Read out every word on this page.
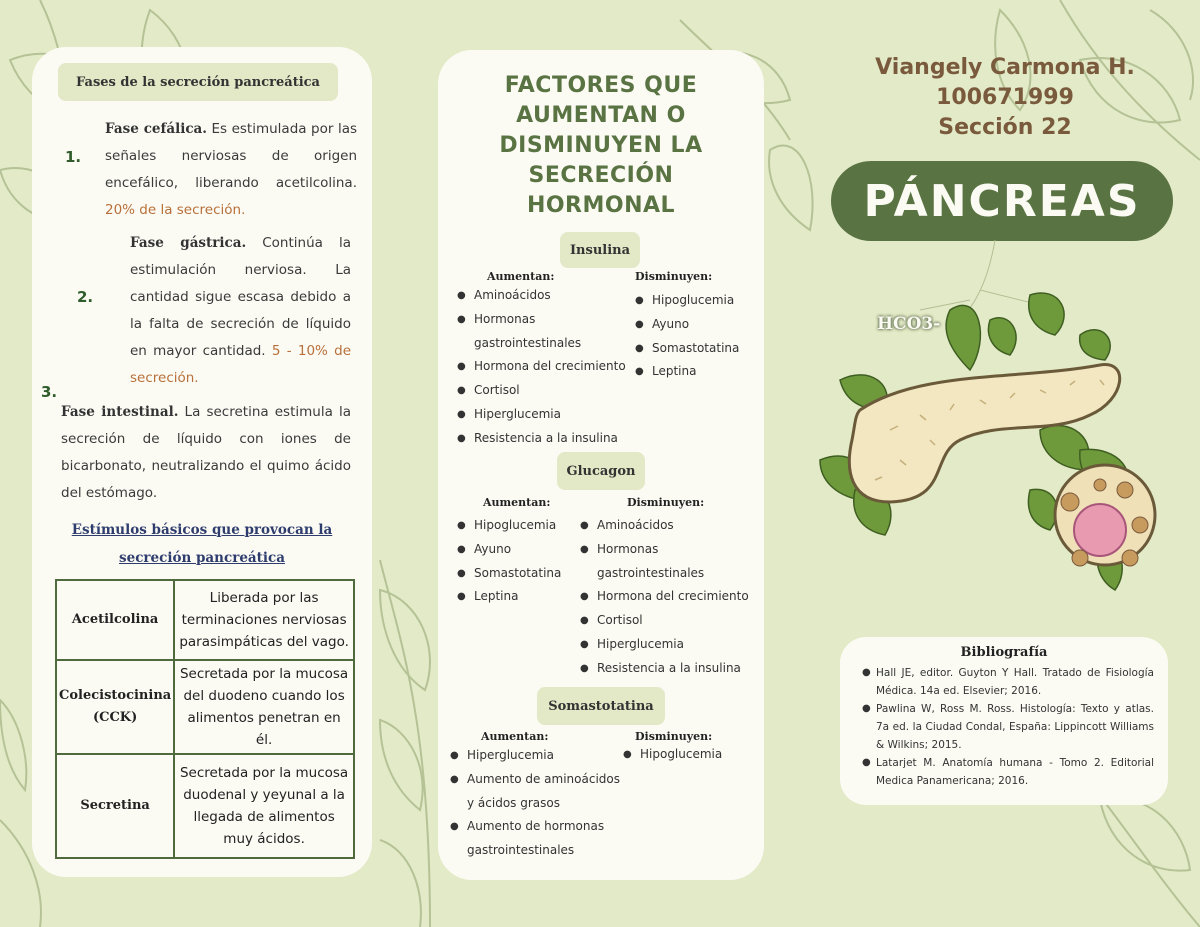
Fases de la secreción pancreática
1.
Fase cefálica. Es estimulada por las señales nerviosas de origen encefálico, liberando acetilcolina. 20% de la secreción.
2.
Fase gástrica. Continúa la estimulación nerviosa. La cantidad sigue escasa debido a la falta de secreción de líquido en mayor cantidad. 5 - 10% de secreción.
3.
Fase intestinal. La secretina estimula la secreción de líquido con iones de bicarbonato, neutralizando el quimo ácido del estómago.
Estímulos básicos que provocan la
secreción pancreática
Acetilcolina	Liberada por las terminaciones nerviosas parasimpáticas del vago.
Colecistocinina (CCK)	Secretada por la mucosa del duodeno cuando los alimentos penetran en él.
Secretina	Secretada por la mucosa duodenal y yeyunal a la llegada de alimentos muy ácidos.
FACTORES QUE
AUMENTAN O
DISMINUYEN LA
SECRECIÓN
HORMONAL
Insulina
Aumentan:	Disminuyen:
● Aminoácidos
● Hormonas
gastrointestinales
● Hormona del crecimiento
● Cortisol
● Hiperglucemia
● Resistencia a la insulina
● Hipoglucemia
● Ayuno
● Somastotatina
● Leptina
Glucagon
Aumentan:	Disminuyen:
● Hipoglucemia
● Ayuno
● Somastotatina
● Leptina
● Aminoácidos
● Hormonas
gastrointestinales
● Hormona del crecimiento
● Cortisol
● Hiperglucemia
● Resistencia a la insulina
Somastotatina
Aumentan:	Disminuyen:
● Hiperglucemia
● Aumento de aminoácidos
y ácidos grasos
● Aumento de hormonas
gastrointestinales
● Hipoglucemia
Viangely Carmona H.
100671999
Sección 22
PÁNCREAS
HCO3-
Bibliografía
● Hall JE, editor. Guyton Y Hall. Tratado de Fisiología Médica. 14a ed. Elsevier; 2016.
● Pawlina W, Ross M. Ross. Histología: Texto y atlas. 7a ed. la Ciudad Condal, España: Lippincott Williams & Wilkins; 2015.
● Latarjet M. Anatomía humana - Tomo 2. Editorial Medica Panamericana; 2016.
